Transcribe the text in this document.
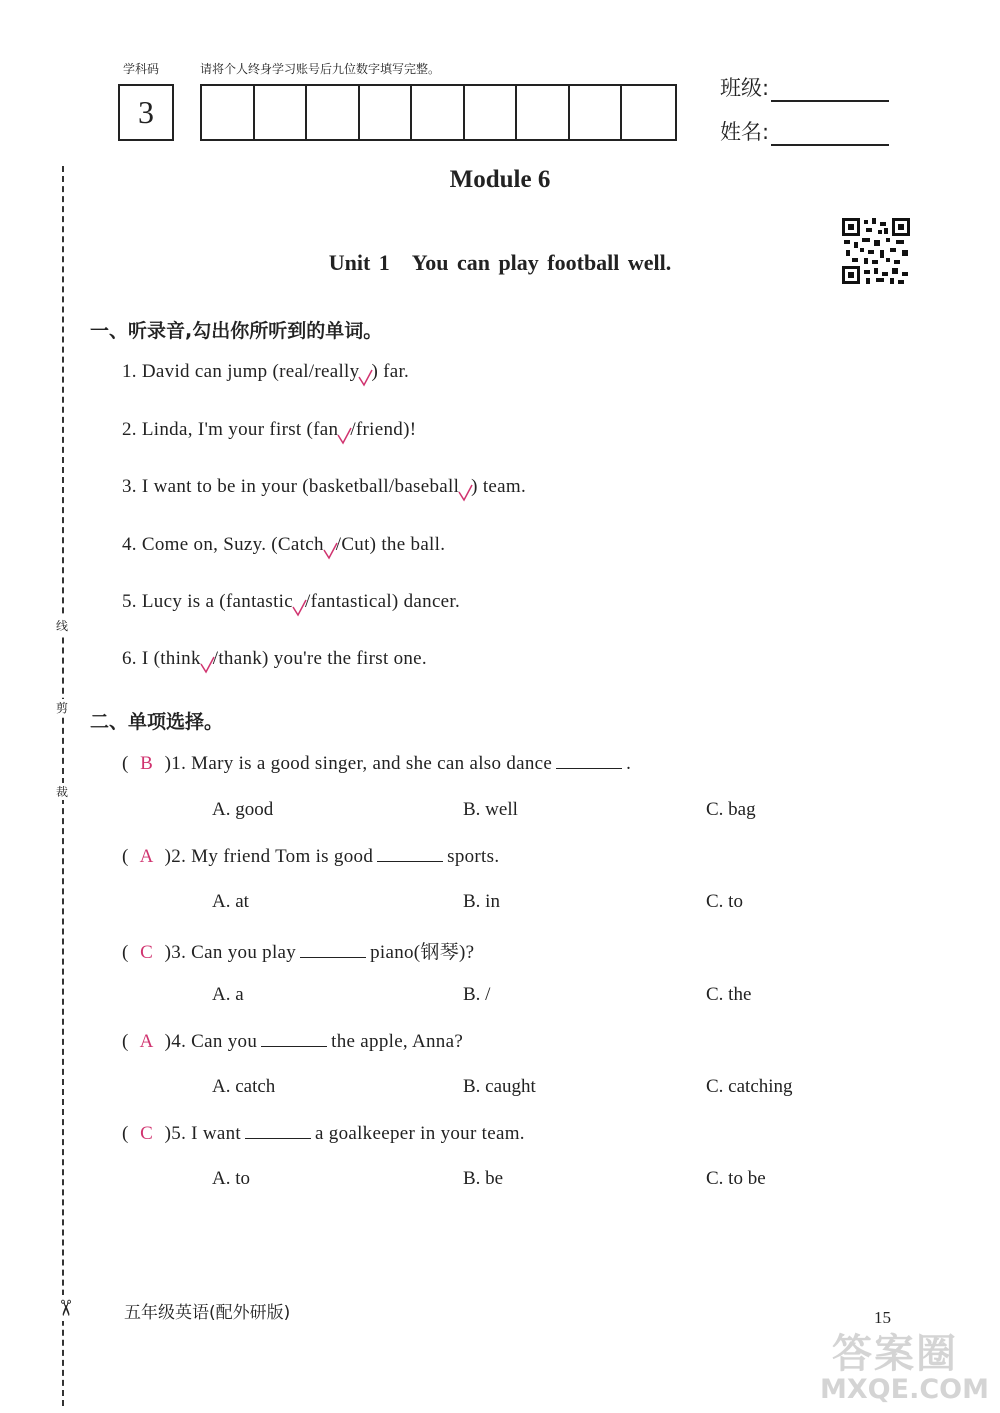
学科码	请将个人终身学习账号后九位数字填写完整。
3
班级:
姓名:
Module 6
Unit 1　You can play football well.
一、听录音,勾出你所听到的单词。
1. David can jump (real/really ) far.
2. Linda, I'm your first (fan /friend)!
3. I want to be in your (basketball/baseball ) team.
4. Come on, Suzy. (Catch /Cut) the ball.
5. Lucy is a (fantastic /fantastical) dancer.
6. I (think /thank) you're the first one.
二、单项选择。
( B )1. Mary is a good singer, and she can also dance	.
A. good	B. well	C. bag
( A )2. My friend Tom is good	sports.
A. at	B. in	C. to
( C )3. Can you play	piano(钢琴)?
A. a	B. /	C. the
( A )4. Can you	the apple, Anna?
A. catch	B. caught	C. catching
( C )5. I want	a goalkeeper in your team.
A. to	B. be	C. to be
线
剪
裁
✂	五年级英语(配外研版)	15
答案圈
MXQE.COM
